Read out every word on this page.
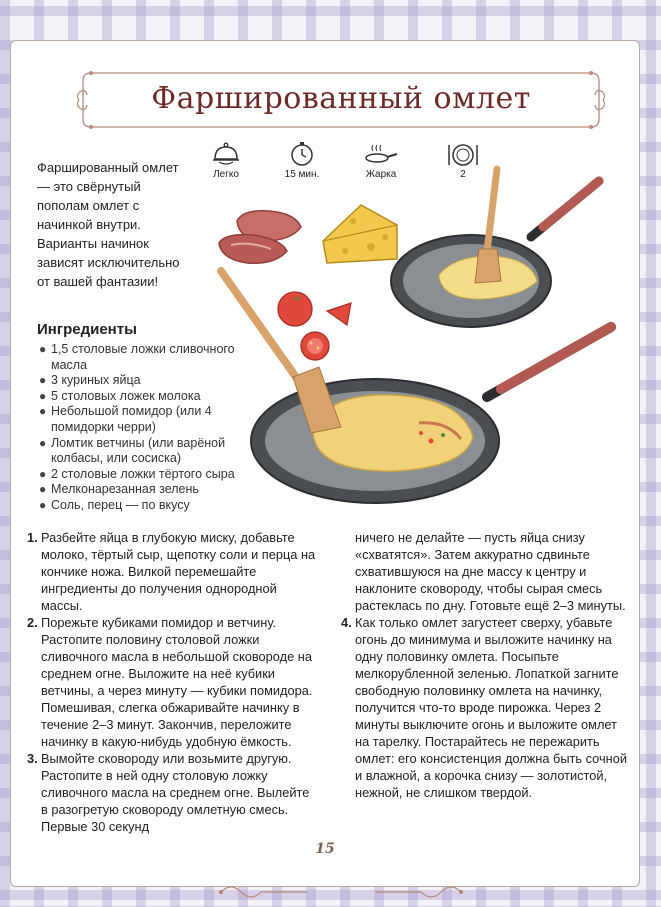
Фаршированный омлет
Фаршированный омлет — это свёрнутый пополам омлет с начинкой внутри. Варианты начинок зависят исключительно от вашей фантазии!
Легко	15 мин.	Жарка	2
Ингредиенты
● 1,5 столовые ложки сливочного масла
● 3 куриных яйца
● 5 столовых ложек молока
● Небольшой помидор (или 4 помидорки черри)
● Ломтик ветчины (или варёной колбасы, или сосиска)
● 2 столовые ложки тёртого сыра
● Мелконарезанная зелень
● Соль, перец — по вкусу
1. Разбейте яйца в глубокую миску, добавьте молоко, тёртый сыр, щепотку соли и перца на кончике ножа. Вилкой перемешайте ингредиенты до получения однородной массы.
2. Порежьте кубиками помидор и ветчину. Растопите половину столовой ложки сливочного масла в небольшой сковороде на среднем огне. Выложите на неё кубики ветчины, а через минуту — кубики помидора. Помешивая, слегка обжаривайте начинку в течение 2–3 минут. Закончив, переложите начинку в какую-нибудь удобную ёмкость.
3. Вымойте сковороду или возьмите другую. Растопите в ней одну столовую ложку сливочного масла на среднем огне. Вылейте в разогретую сковороду омлетную смесь. Первые 30 секунд
ничего не делайте — пусть яйца снизу «схватятся». Затем аккуратно сдвиньте схватившуюся на дне массу к центру и наклоните сковороду, чтобы сырая смесь растеклась по дну. Готовьте ещё 2–3 минуты.
4. Как только омлет загустеет сверху, убавьте огонь до минимума и выложите начинку на одну половинку омлета. Посыпьте мелкорубленной зеленью. Лопаткой загните свободную половинку омлета на начинку, получится что-то вроде пирожка. Через 2 минуты выключите огонь и выложите омлет на тарелку. Постарайтесь не пережарить омлет: его консистенция должна быть сочной и влажной, а корочка снизу — золотистой, нежной, не слишком твердой.
15
